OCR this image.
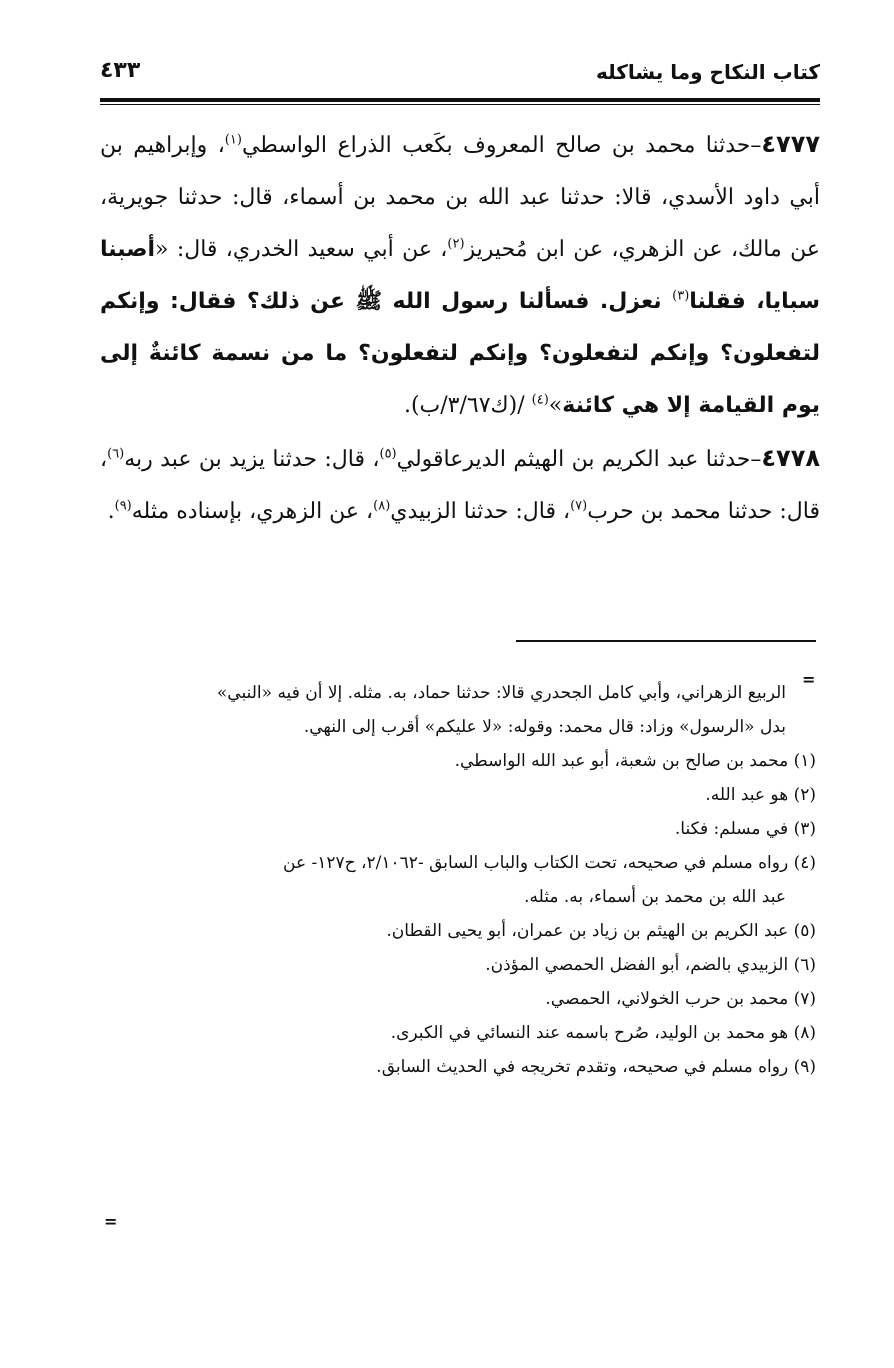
كتاب النكاح وما يشاكله
٤٣٣

٤٧٧٧–حدثنا محمد بن صالح المعروف بكَعب الذراع الواسطي$^{(١)}$، وإبراهيم بن أبي داود الأسدي، قالا: حدثنا عبد الله بن محمد بن أسماء، قال: حدثنا جويرية، عن مالك، عن الزهري، عن ابن مُحيريز$^{(٢)}$، عن أبي سعيد الخدري، قال: «أصبنا سبايا، فقلنا$^{(٣)}$ نعزل. فسألنا رسول الله ﷺ عن ذلك؟ فقال: وإنكم لتفعلون؟ وإنكم لتفعلون؟ وإنكم لتفعلون؟ ما من نسمة كائنةٌ إلى يوم القيامة إلا هي كائنة»$^{(٤)}$ /(ك٣/٦٧/ب).

٤٧٧٨–حدثنا عبد الكريم بن الهيثم الديرعاقولي$^{(٥)}$، قال: حدثنا يزيد بن عبد ربه$^{(٦)}$، قال: حدثنا محمد بن حرب$^{(٧)}$، قال: حدثنا الزبيدي$^{(٨)}$، عن الزهري، بإسناده مثله$^{(٩)}$.

=
الربيع الزهراني، وأبي كامل الجحدري قالا: حدثنا حماد، به. مثله. إلا أن فيه «النبي»
بدل «الرسول» وزاد: قال محمد: وقوله: «لا عليكم» أقرب إلى النهي.

(١) محمد بن صالح بن شعبة، أبو عبد الله الواسطي.

(٢) هو عبد الله.

(٣) في مسلم: فكنا.

(٤) رواه مسلم في صحيحه، تحت الكتاب والباب السابق -٢/١٠٦٢، ح١٢٧- عن

عبد الله بن محمد بن أسماء، به. مثله.

(٥) عبد الكريم بن الهيثم بن زياد بن عمران، أبو يحيى القطان.

(٦) الزبيدي بالضم، أبو الفضل الحمصي المؤذن.

(٧) محمد بن حرب الخولاني، الحمصي.

(٨) هو محمد بن الوليد، صُرح باسمه عند النسائي في الكبرى.

(٩) رواه مسلم في صحيحه، وتقدم تخريجه في الحديث السابق.

=
